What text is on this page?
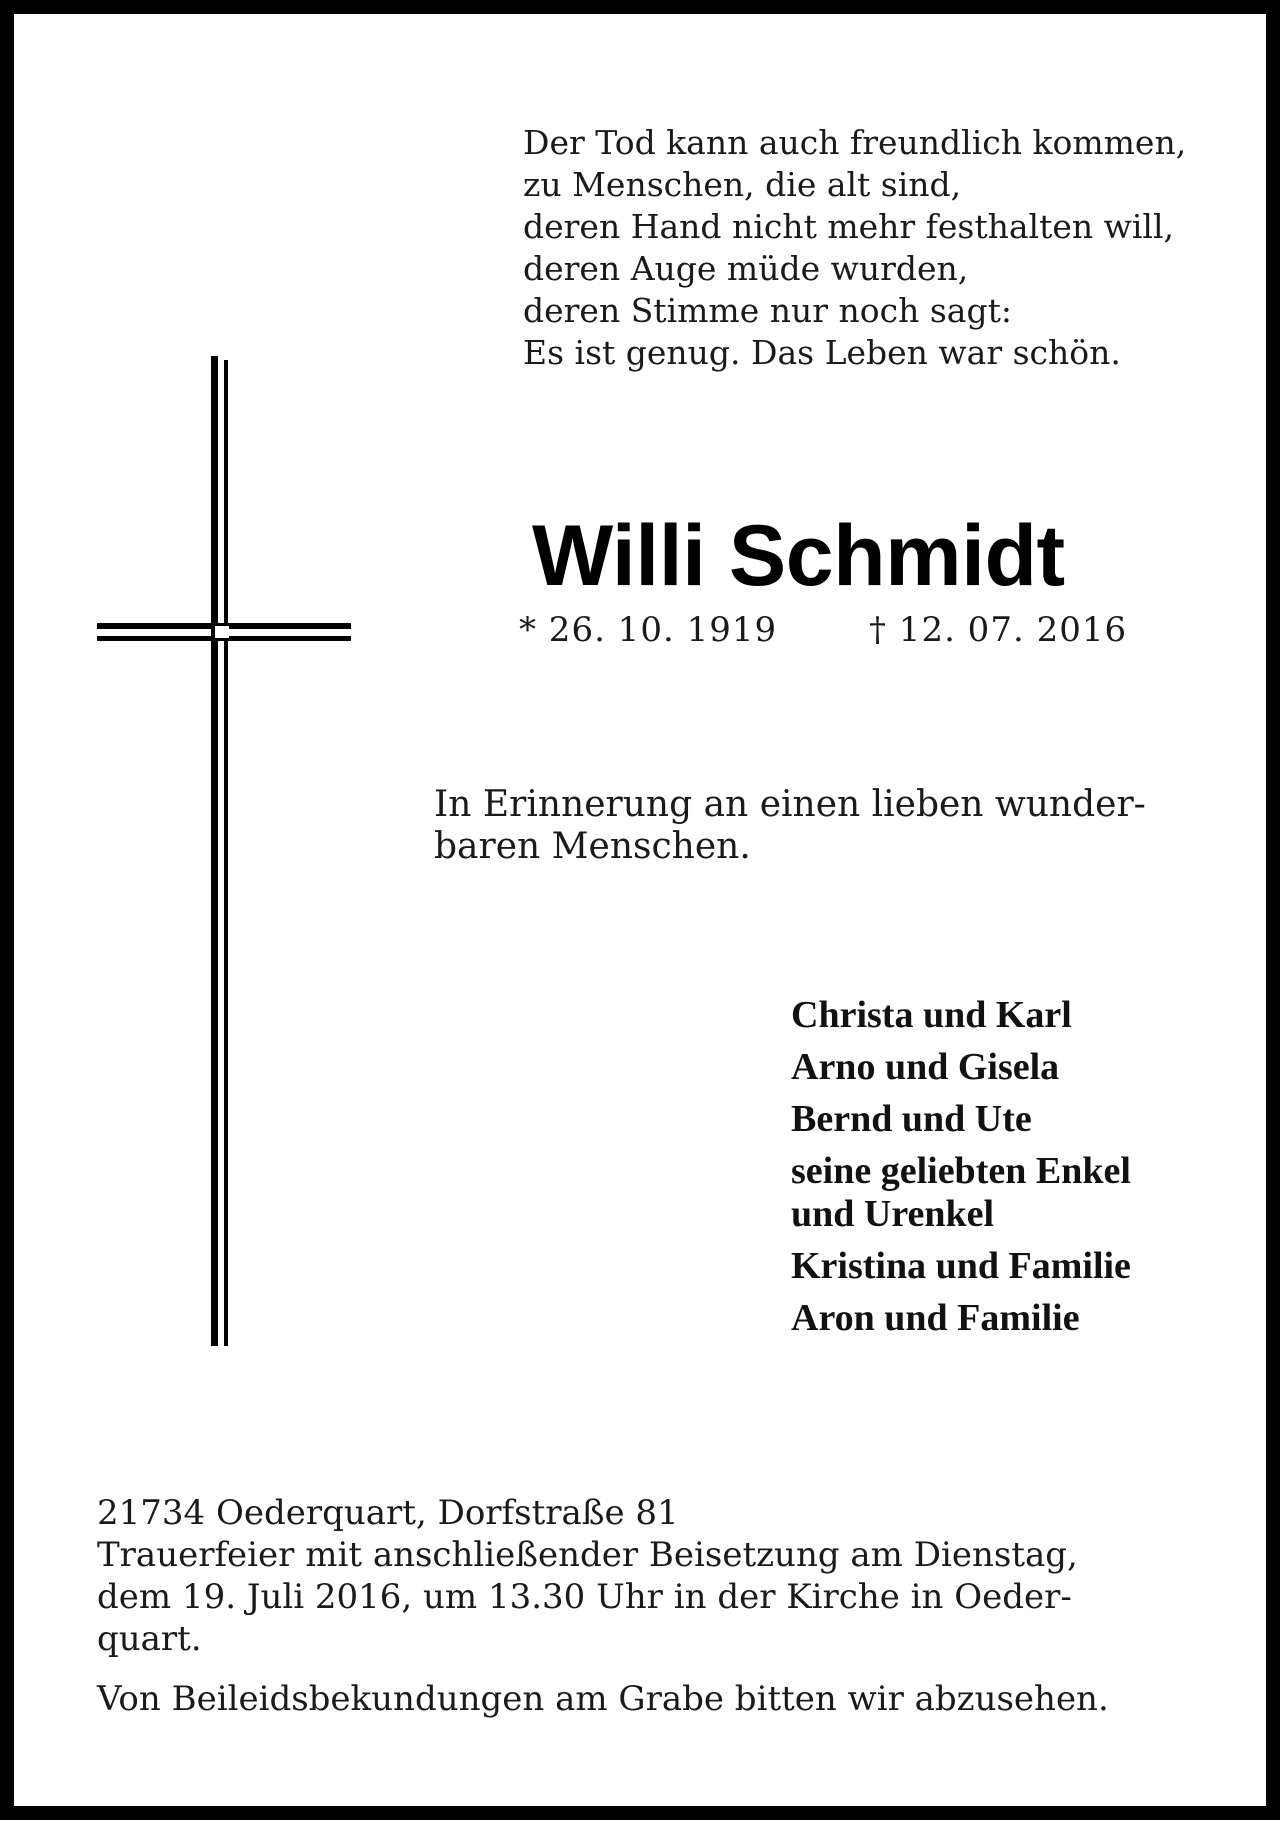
Der Tod kann auch freundlich kommen,
zu Menschen, die alt sind,
deren Hand nicht mehr festhalten will,
deren Auge müde wurden,
deren Stimme nur noch sagt:
Es ist genug. Das Leben war schön.
Willi Schmidt
* 26. 10. 1919	† 12. 07. 2016
In Erinnerung an einen lieben wunder-
baren Menschen.
Christa und Karl
Arno und Gisela
Bernd und Ute
seine geliebten Enkel
und Urenkel
Kristina und Familie
Aron und Familie
21734 Oederquart, Dorfstraße 81
Trauerfeier mit anschließender Beisetzung am Dienstag,
dem 19. Juli 2016, um 13.30 Uhr in der Kirche in Oeder-
quart.
Von Beileidsbekundungen am Grabe bitten wir abzusehen.
